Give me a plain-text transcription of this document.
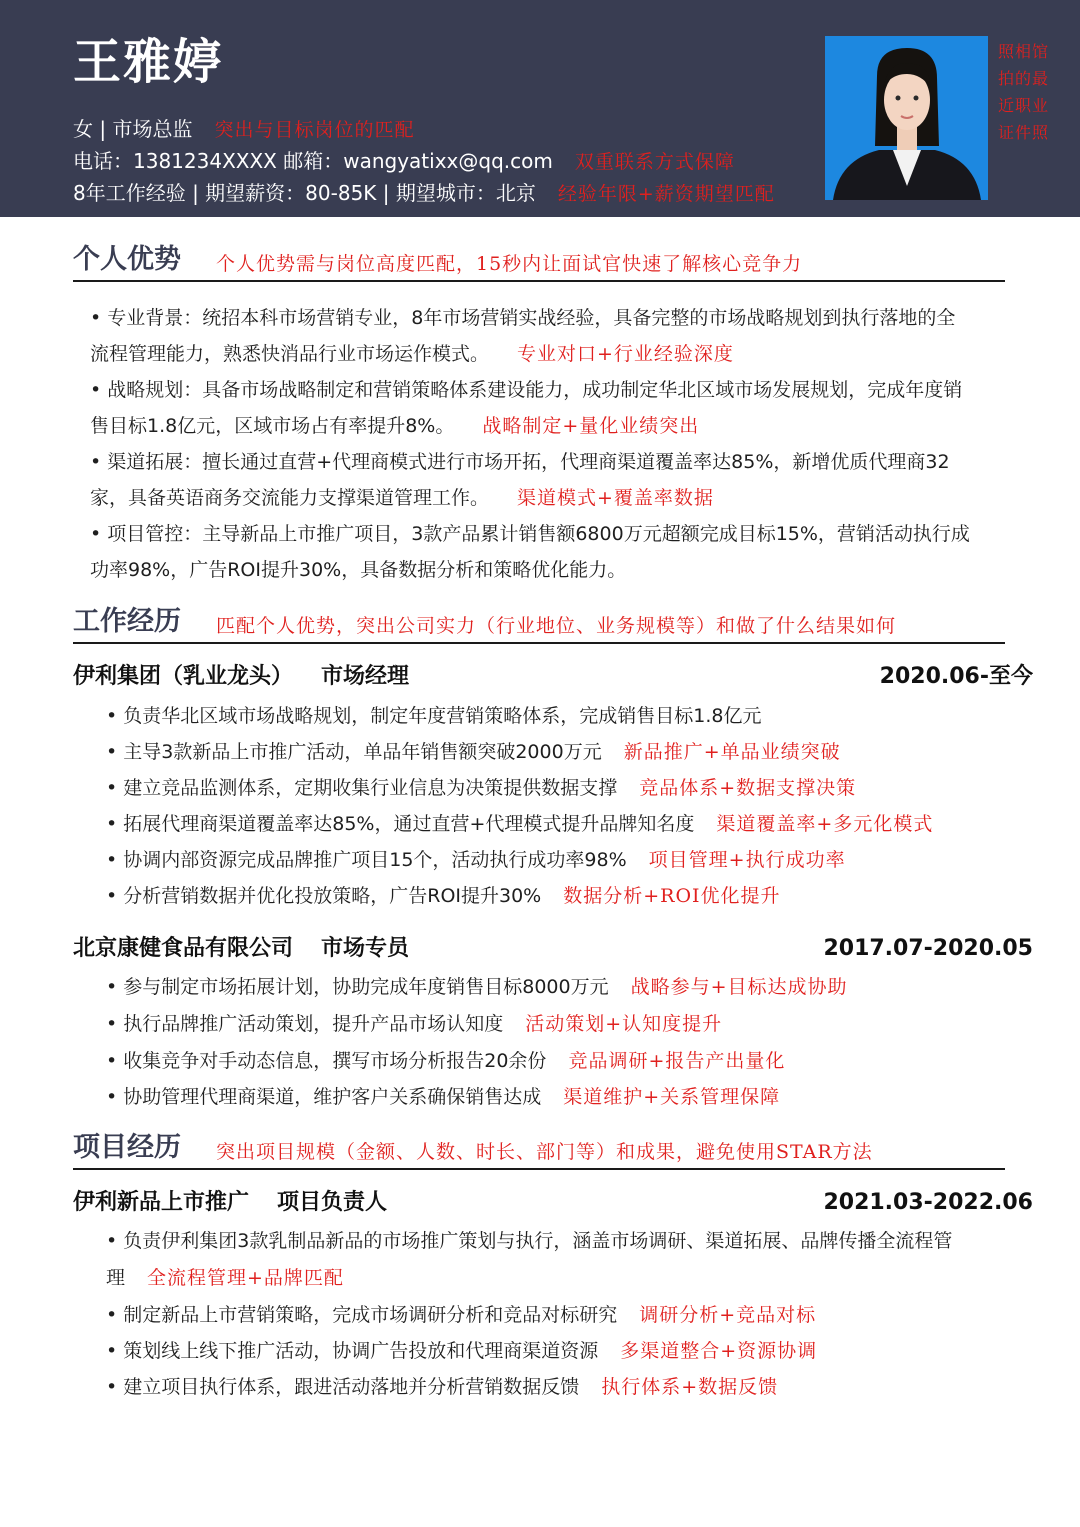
王雅婷
女 | 市场总监 突出与目标岗位的匹配
电话：1381234XXXX 邮箱：wangyatixx@qq.com 双重联系方式保障
8年工作经验 | 期望薪资：80-85K | 期望城市：北京 经验年限+薪资期望匹配
照相馆拍的最近职业证件照
个人优势 个人优势需与岗位高度匹配，15秒内让面试官快速了解核心竞争力
• 专业背景：统招本科市场营销专业，8年市场营销实战经验，具备完整的市场战略规划到执行落地的全流程管理能力，熟悉快消品行业市场运作模式。 专业对口+行业经验深度
• 战略规划：具备市场战略制定和营销策略体系建设能力，成功制定华北区域市场发展规划，完成年度销售目标1.8亿元，区域市场占有率提升8%。 战略制定+量化业绩突出
• 渠道拓展：擅长通过直营+代理商模式进行市场开拓，代理商渠道覆盖率达85%，新增优质代理商32家，具备英语商务交流能力支撑渠道管理工作。 渠道模式+覆盖率数据
• 项目管控：主导新品上市推广项目，3款产品累计销售额6800万元超额完成目标15%，营销活动执行成功率98%，广告ROI提升30%，具备数据分析和策略优化能力。
工作经历 匹配个人优势，突出公司实力（行业地位、业务规模等）和做了什么结果如何
伊利集团（乳业龙头） 市场经理	2020.06-至今
• 负责华北区域市场战略规划，制定年度营销策略体系，完成销售目标1.8亿元
• 主导3款新品上市推广活动，单品年销售额突破2000万元 新品推广+单品业绩突破
• 建立竞品监测体系，定期收集行业信息为决策提供数据支撑 竞品体系+数据支撑决策
• 拓展代理商渠道覆盖率达85%，通过直营+代理模式提升品牌知名度 渠道覆盖率+多元化模式
• 协调内部资源完成品牌推广项目15个，活动执行成功率98% 项目管理+执行成功率
• 分析营销数据并优化投放策略，广告ROI提升30% 数据分析+ROI优化提升
北京康健食品有限公司 市场专员	2017.07-2020.05
• 参与制定市场拓展计划，协助完成年度销售目标8000万元 战略参与+目标达成协助
• 执行品牌推广活动策划，提升产品市场认知度 活动策划+认知度提升
• 收集竞争对手动态信息，撰写市场分析报告20余份 竞品调研+报告产出量化
• 协助管理代理商渠道，维护客户关系确保销售达成 渠道维护+关系管理保障
项目经历 突出项目规模（金额、人数、时长、部门等）和成果，避免使用STAR方法
伊利新品上市推广 项目负责人	2021.03-2022.06
• 负责伊利集团3款乳制品新品的市场推广策划与执行，涵盖市场调研、渠道拓展、品牌传播全流程管理 全流程管理+品牌匹配
• 制定新品上市营销策略，完成市场调研分析和竞品对标研究 调研分析+竞品对标
• 策划线上线下推广活动，协调广告投放和代理商渠道资源 多渠道整合+资源协调
• 建立项目执行体系，跟进活动落地并分析营销数据反馈 执行体系+数据反馈
